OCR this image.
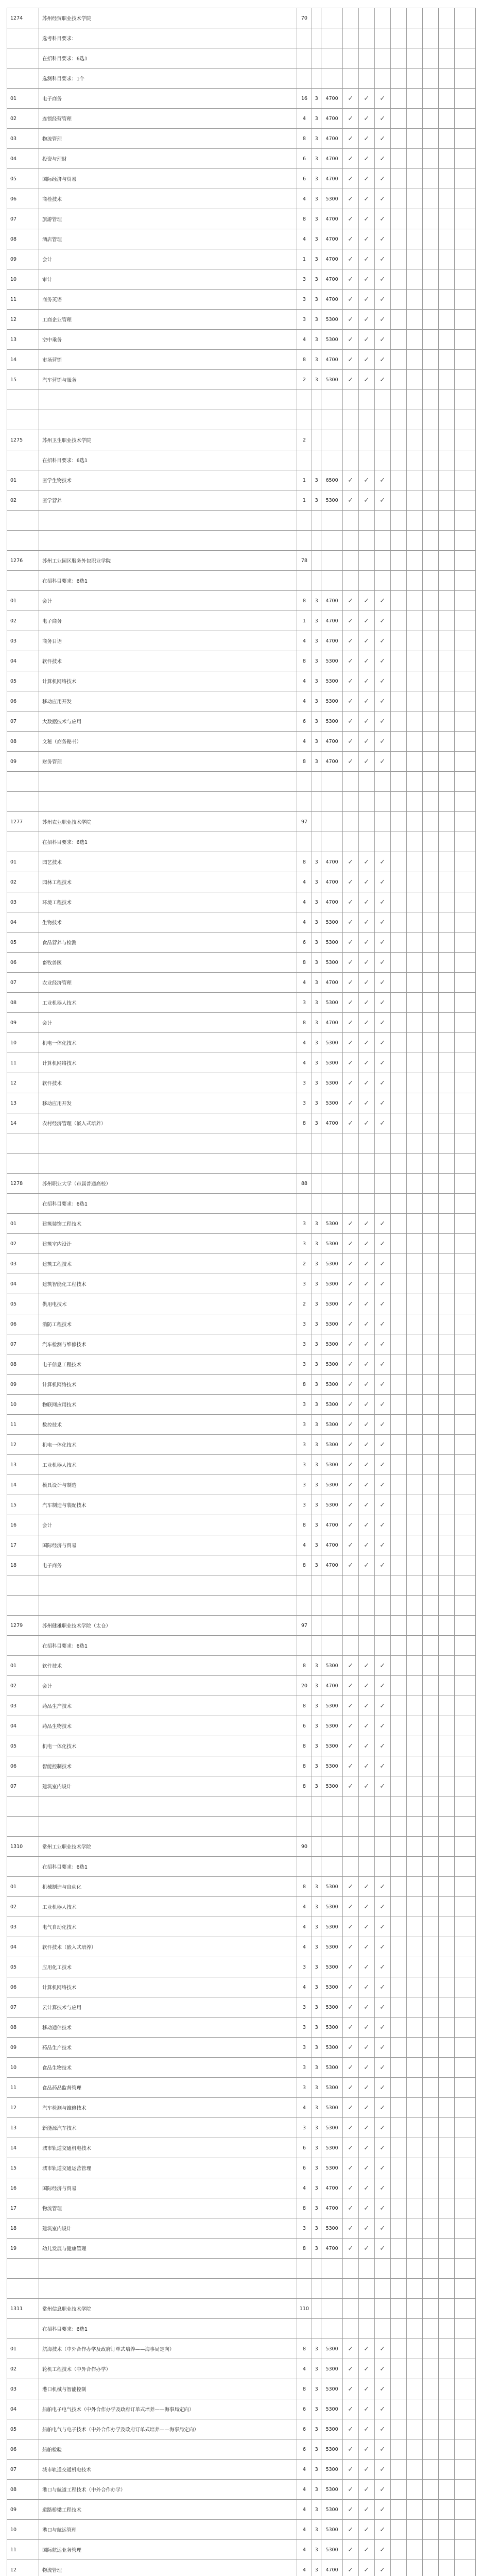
1274	苏州经贸职业技术学院	70										
	选考科目要求：											
	在招科目要求：6选1											
	选测科目要求：1个											
01	电子商务	16	3	4700	✓	✓	✓					
02	连锁经营管理	4	3	4700	✓	✓	✓					
03	物流管理	8	3	4700	✓	✓	✓					
04	投资与理财	6	3	4700	✓	✓	✓					
05	国际经济与贸易	6	3	4700	✓	✓	✓					
06	商检技术	4	3	5300	✓	✓	✓					
07	旅游管理	8	3	4700	✓	✓	✓					
08	酒店管理	4	3	4700	✓	✓	✓					
09	会计	1	3	4700	✓	✓	✓					
10	审计	3	3	4700	✓	✓	✓					
11	商务英语	3	3	4700	✓	✓	✓					
12	工商企业管理	3	3	5300	✓	✓	✓					
13	空中乘务	4	3	5300	✓	✓	✓					
14	市场营销	8	3	4700	✓	✓	✓					
15	汽车营销与服务	2	3	5300	✓	✓	✓					

1275	苏州卫生职业技术学院	2										
	在招科目要求：6选1											
01	医学生物技术	1	3	6500	✓	✓	✓					
02	医学营养	1	3	5300	✓	✓	✓					

1276	苏州工业园区服务外包职业学院	78										
	在招科目要求：6选1											
01	会计	8	3	4700	✓	✓	✓					
02	电子商务	1	3	4700	✓	✓	✓					
03	商务日语	4	3	4700	✓	✓	✓					
04	软件技术	8	3	5300	✓	✓	✓					
05	计算机网络技术	4	3	5300	✓	✓	✓					
06	移动应用开发	4	3	5300	✓	✓	✓					
07	大数据技术与应用	6	3	5300	✓	✓	✓					
08	文秘（商务秘书）	4	3	4700	✓	✓	✓					
09	财务管理	8	3	4700	✓	✓	✓					

1277	苏州农业职业技术学院	97										
	在招科目要求：6选1											
01	园艺技术	8	3	4700	✓	✓	✓					
02	园林工程技术	4	3	4700	✓	✓	✓					
03	环境工程技术	4	3	4700	✓	✓	✓					
04	生物技术	4	3	5300	✓	✓	✓					
05	食品营养与检测	6	3	5300	✓	✓	✓					
06	畜牧兽医	8	3	5300	✓	✓	✓					
07	农业经济管理	4	3	4700	✓	✓	✓					
08	工业机器人技术	3	3	5300	✓	✓	✓					
09	会计	8	3	4700	✓	✓	✓					
10	机电一体化技术	4	3	5300	✓	✓	✓					
11	计算机网络技术	4	3	5300	✓	✓	✓					
12	软件技术	3	3	5300	✓	✓	✓					
13	移动应用开发	3	3	5300	✓	✓	✓					
14	农村经济管理（嵌入式培养）	8	3	4700	✓	✓	✓					

1278	苏州职业大学（市属普通高校）	88										
	在招科目要求：6选1											
01	建筑装饰工程技术	3	3	5300	✓	✓	✓					
02	建筑室内设计	3	3	5300	✓	✓	✓					
03	建筑工程技术	2	3	5300	✓	✓	✓					
04	建筑智能化工程技术	3	3	5300	✓	✓	✓					
05	供用电技术	2	3	5300	✓	✓	✓					
06	消防工程技术	3	3	5300	✓	✓	✓					
07	汽车检测与维修技术	3	3	5300	✓	✓	✓					
08	电子信息工程技术	3	3	5300	✓	✓	✓					
09	计算机网络技术	8	3	5300	✓	✓	✓					
10	物联网应用技术	3	3	5300	✓	✓	✓					
11	数控技术	3	3	5300	✓	✓	✓					
12	机电一体化技术	3	3	5300	✓	✓	✓					
13	工业机器人技术	3	3	5300	✓	✓	✓					
14	模具设计与制造	3	3	5300	✓	✓	✓					
15	汽车制造与装配技术	3	3	5300	✓	✓	✓					
16	会计	8	3	4700	✓	✓	✓					
17	国际经济与贸易	4	3	4700	✓	✓	✓					
18	电子商务	8	3	4700	✓	✓	✓					

1279	苏州健雄职业技术学院（太仓）	97										
	在招科目要求：6选1											
01	软件技术	8	3	5300	✓	✓	✓					
02	会计	20	3	4700	✓	✓	✓					
03	药品生产技术	8	3	5300	✓	✓	✓					
04	药品生物技术	6	3	5300	✓	✓	✓					
05	机电一体化技术	8	3	5300	✓	✓	✓					
06	智能控制技术	8	3	5300	✓	✓	✓					
07	建筑室内设计	8	3	5300	✓	✓	✓					

1310	常州工业职业技术学院	90										
	在招科目要求：6选1											
01	机械制造与自动化	8	3	5300	✓	✓	✓					
02	工业机器人技术	4	3	5300	✓	✓	✓					
03	电气自动化技术	4	3	5300	✓	✓	✓					
04	软件技术（嵌入式培养）	4	3	5300	✓	✓	✓					
05	应用化工技术	3	3	5300	✓	✓	✓					
06	计算机网络技术	4	3	5300	✓	✓	✓					
07	云计算技术与应用	3	3	5300	✓	✓	✓					
08	移动通信技术	3	3	5300	✓	✓	✓					
09	药品生产技术	3	3	5300	✓	✓	✓					
10	食品生物技术	3	3	5300	✓	✓	✓					
11	食品药品监督管理	3	3	5300	✓	✓	✓					
12	汽车检测与维修技术	4	3	5300	✓	✓	✓					
13	新能源汽车技术	3	3	5300	✓	✓	✓					
14	城市轨道交通机电技术	6	3	5300	✓	✓	✓					
15	城市轨道交通运营管理	6	3	5300	✓	✓	✓					
16	国际经济与贸易	4	3	4700	✓	✓	✓					
17	物流管理	8	3	4700	✓	✓	✓					
18	建筑室内设计	3	3	5300	✓	✓	✓					
19	幼儿发展与健康管理	8	3	4700	✓	✓	✓					

1311	常州信息职业技术学院	110										
	在招科目要求：6选1											
01	航海技术（中外合作办学及政府订单式培养——海事局定向）	8	3	5300	✓	✓	✓					
02	轮机工程技术（中外合作办学）	4	3	5300	✓	✓	✓					
03	港口机械与智能控制	8	3	5300	✓	✓	✓					
04	船舶电子电气技术（中外合作办学及政府订单式培养——海事局定向）	6	3	5300	✓	✓	✓					
05	船舶电气与电子技术（中外合作办学及政府订单式培养——海事局定向）	6	3	5300	✓	✓	✓					
06	船舶检验	6	3	5300	✓	✓	✓					
07	城市轨道交通机电技术	4	3	5300	✓	✓	✓					
08	港口与航道工程技术（中外合作办学）	4	3	5300	✓	✓	✓					
09	道路桥梁工程技术	4	3	5300	✓	✓	✓					
10	港口与航运管理	4	3	5300	✓	✓	✓					
11	国际航运业务管理	4	3	5300	✓	✓	✓					
12	物流管理	4	3	4700	✓	✓	✓					
